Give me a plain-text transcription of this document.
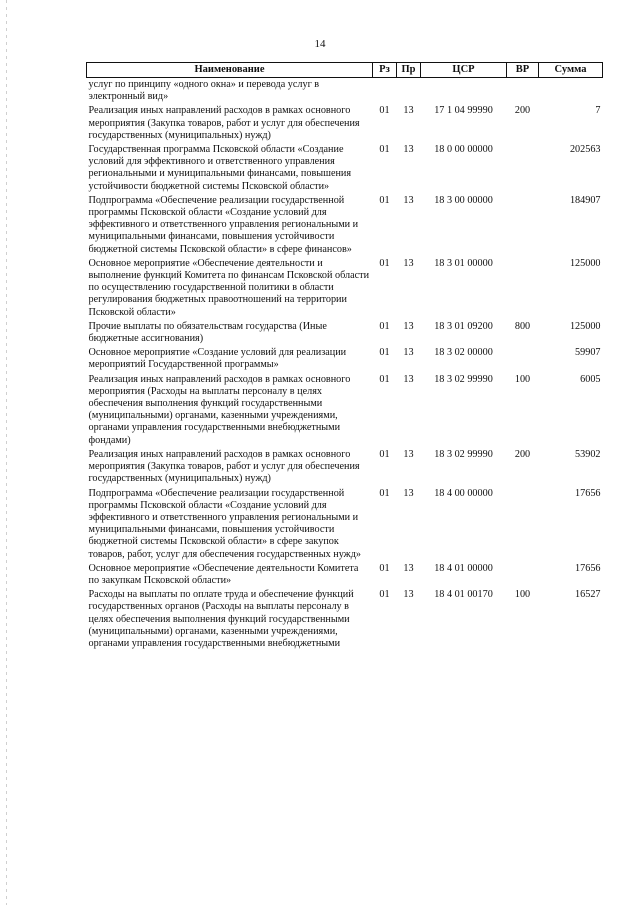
14
Наименование	Рз	Пр	ЦСР	ВР	Сумма
услуг по принципу «одного окна» и перевода услуг в электронный вид»					
Реализация иных направлений расходов в рамках основного мероприятия (Закупка товаров, работ и услуг для обеспечения государственных (муниципальных) нужд)	01	13	17 1 04 99990	200	7
Государственная программа Псковской области «Создание условий для эффективного и ответственного управления региональными и муниципальными финансами, повышения устойчивости бюджетной системы Псковской области»	01	13	18 0 00 00000		202563
Подпрограмма «Обеспечение реализации государственной программы Псковской области «Создание условий для эффективного и ответственного управления региональными и муниципальными финансами, повышения устойчивости бюджетной системы Псковской области» в сфере финансов»	01	13	18 3 00 00000		184907
Основное мероприятие «Обеспечение деятельности и выполнение функций Комитета по финансам Псковской области по осуществлению государственной политики в области регулирования бюджетных правоотношений на территории Псковской области»	01	13	18 3 01 00000		125000
Прочие выплаты по обязательствам государства (Иные бюджетные ассигнования)	01	13	18 3 01 09200	800	125000
Основное мероприятие «Создание условий для реализации мероприятий Государственной программы»	01	13	18 3 02 00000		59907
Реализация иных направлений расходов в рамках основного мероприятия (Расходы на выплаты персоналу в целях обеспечения выполнения функций государственными (муниципальными) органами, казенными учреждениями, органами управления государственными внебюджетными фондами)	01	13	18 3 02 99990	100	6005
Реализация иных направлений расходов в рамках основного мероприятия (Закупка товаров, работ и услуг для обеспечения государственных (муниципальных) нужд)	01	13	18 3 02 99990	200	53902
Подпрограмма «Обеспечение реализации государственной программы Псковской области «Создание условий для эффективного и ответственного управления региональными и муниципальными финансами, повышения устойчивости бюджетной системы Псковской области» в сфере закупок товаров, работ, услуг для обеспечения государственных нужд»	01	13	18 4 00 00000		17656
Основное мероприятие «Обеспечение деятельности Комитета по закупкам Псковской области»	01	13	18 4 01 00000		17656
Расходы на выплаты по оплате труда и обеспечение функций государственных органов (Расходы на выплаты персоналу в целях обеспечения выполнения функций государственными (муниципальными) органами, казенными учреждениями, органами управления государственными внебюджетными	01	13	18 4 01 00170	100	16527
